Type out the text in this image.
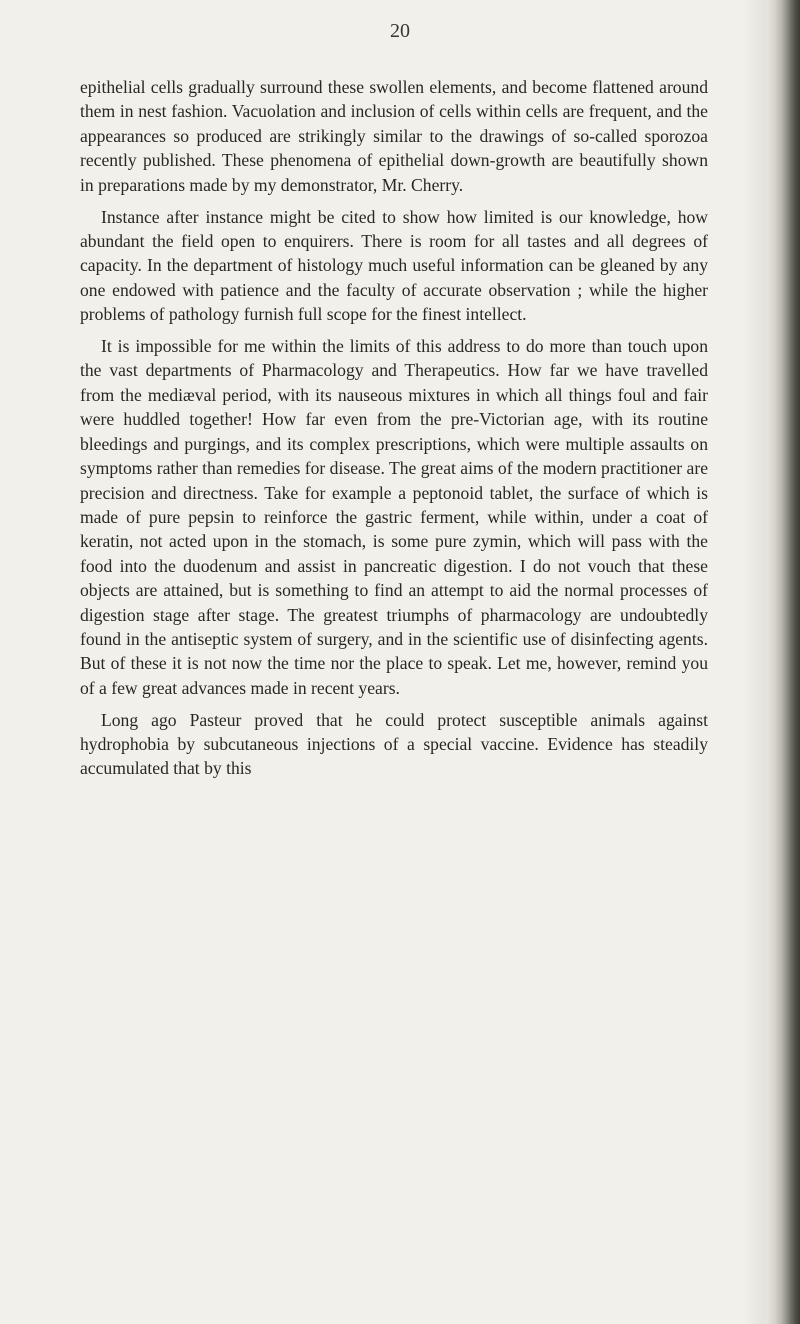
20

epithelial cells gradually surround these swollen elements, and become flattened around them in nest fashion. Vacuolation and inclusion of cells within cells are frequent, and the appearances so produced are strikingly similar to the drawings of so-called sporozoa recently published. These phenomena of epithelial down-growth are beautifully shown in preparations made by my demonstrator, Mr. Cherry.

Instance after instance might be cited to show how limited is our knowledge, how abundant the field open to enquirers. There is room for all tastes and all degrees of capacity. In the department of histology much useful information can be gleaned by any one endowed with patience and the faculty of accurate observation ; while the higher problems of pathology furnish full scope for the finest intellect.

It is impossible for me within the limits of this address to do more than touch upon the vast departments of Pharmacology and Therapeutics. How far we have travelled from the mediæval period, with its nauseous mixtures in which all things foul and fair were huddled together! How far even from the pre-Victorian age, with its routine bleedings and purgings, and its complex prescriptions, which were multiple assaults on symptoms rather than remedies for disease. The great aims of the modern practitioner are precision and directness. Take for example a peptonoid tablet, the surface of which is made of pure pepsin to reinforce the gastric ferment, while within, under a coat of keratin, not acted upon in the stomach, is some pure zymin, which will pass with the food into the duodenum and assist in pancreatic digestion. I do not vouch that these objects are attained, but is something to find an attempt to aid the normal processes of digestion stage after stage. The greatest triumphs of pharmacology are undoubtedly found in the antiseptic system of surgery, and in the scientific use of disinfecting agents. But of these it is not now the time nor the place to speak. Let me, however, remind you of a few great advances made in recent years.

Long ago Pasteur proved that he could protect susceptible animals against hydrophobia by subcutaneous injections of a special vaccine. Evidence has steadily accumulated that by this
